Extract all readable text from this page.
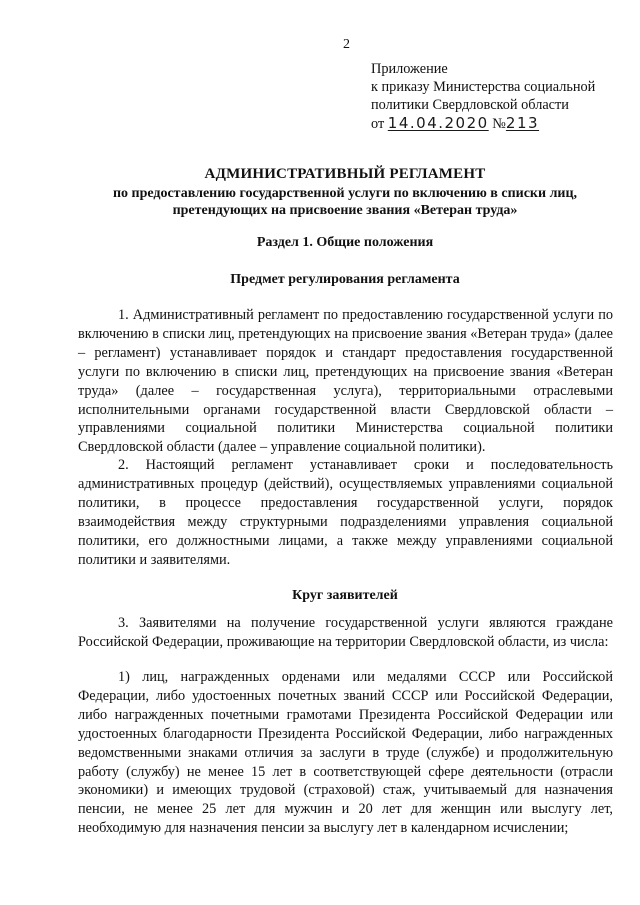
2
Приложение
к приказу Министерства социальной
политики Свердловской области
от 14.04.2020 №213
АДМИНИСТРАТИВНЫЙ РЕГЛАМЕНТ
по предоставлению государственной услуги по включению в списки лиц,
претендующих на присвоение звания «Ветеран труда»
Раздел 1. Общие положения
Предмет регулирования регламента

1. Административный регламент по предоставлению государственной услуги по включению в списки лиц, претендующих на присвоение звания «Ветеран труда» (далее – регламент) устанавливает порядок и стандарт предоставления государственной услуги по включению в списки лиц, претендующих на присвоение звания «Ветеран труда» (далее – государственная услуга), территориальными отраслевыми исполнительными органами государственной власти Свердловской области – управлениями социальной политики Министерства социальной политики Свердловской области (далее – управление социальной политики).

2. Настоящий регламент устанавливает сроки и последовательность административных процедур (действий), осуществляемых управлениями социальной политики, в процессе предоставления государственной услуги, порядок взаимодействия между структурными подразделениями управления социальной политики, его должностными лицами, а также между управлениями социальной политики и заявителями.

Круг заявителей

3. Заявителями на получение государственной услуги являются граждане Российской Федерации, проживающие на территории Свердловской области, из числа:

1) лиц, награжденных орденами или медалями СССР или Российской Федерации, либо удостоенных почетных званий СССР или Российской Федерации, либо награжденных почетными грамотами Президента Российской Федерации или удостоенных благодарности Президента Российской Федерации, либо награжденных ведомственными знаками отличия за заслуги в труде (службе) и продолжительную работу (службу) не менее 15 лет в соответствующей сфере деятельности (отрасли экономики) и имеющих трудовой (страховой) стаж, учитываемый для назначения пенсии, не менее 25 лет для мужчин и 20 лет для женщин или выслугу лет, необходимую для назначения пенсии за выслугу лет в календарном исчислении;
